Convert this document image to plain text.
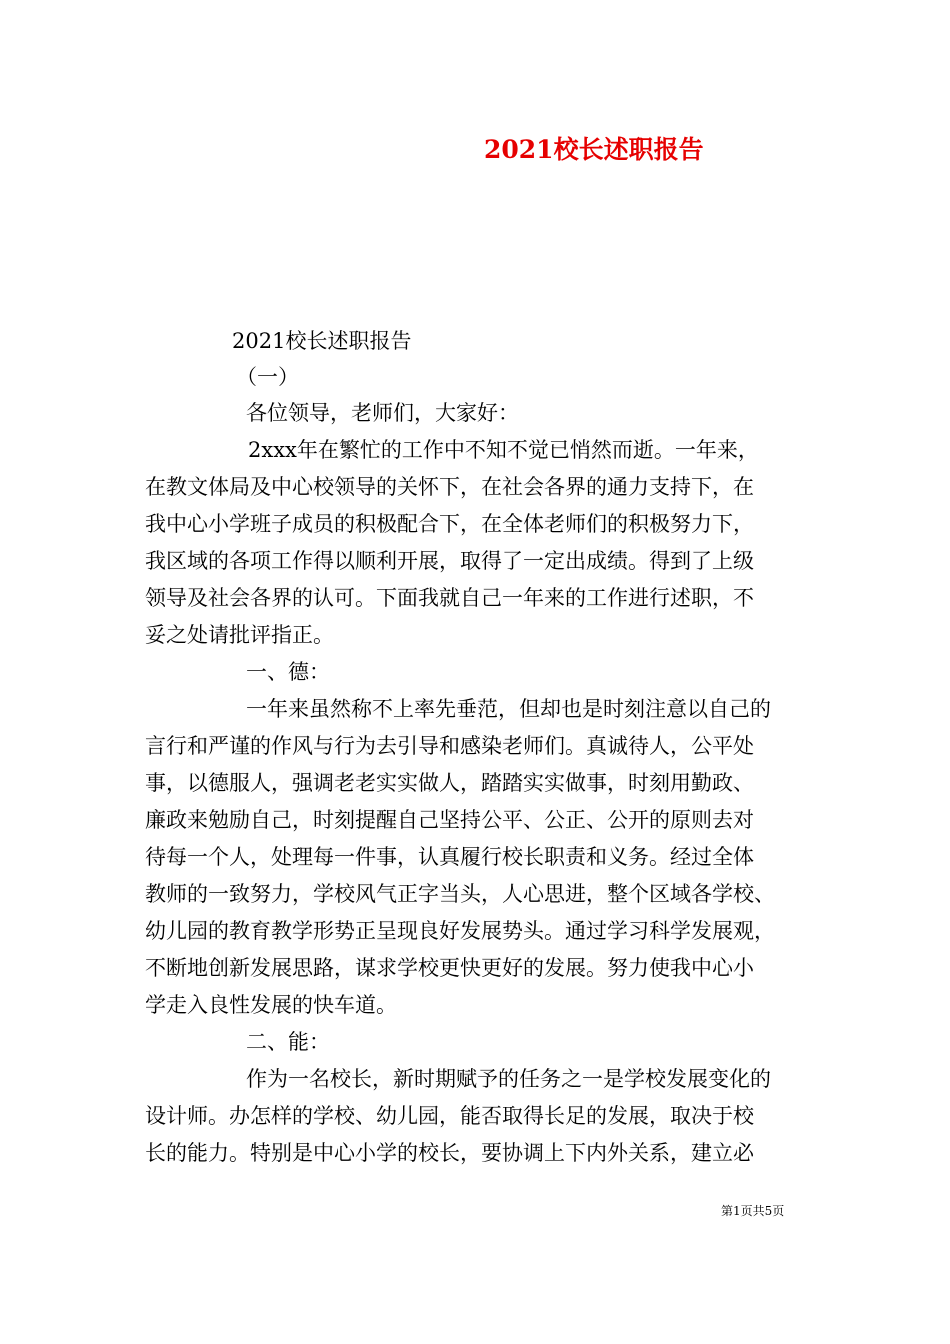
2021校长述职报告

2021校长述职报告

（一）

各位领导，老师们，大家好：

2xxx年在繁忙的工作中不知不觉已悄然而逝。一年来，

在教文体局及中心校领导的关怀下，在社会各界的通力支持下，在

我中心小学班子成员的积极配合下，在全体老师们的积极努力下，

我区域的各项工作得以顺利开展，取得了一定出成绩。得到了上级

领导及社会各界的认可。下面我就自己一年来的工作进行述职，不

妥之处请批评指正。

一、德：

一年来虽然称不上率先垂范，但却也是时刻注意以自己的

言行和严谨的作风与行为去引导和感染老师们。真诚待人，公平处

事，以德服人，强调老老实实做人，踏踏实实做事，时刻用勤政、

廉政来勉励自己，时刻提醒自己坚持公平、公正、公开的原则去对

待每一个人，处理每一件事，认真履行校长职责和义务。经过全体

教师的一致努力，学校风气正字当头，人心思进，整个区域各学校、

幼儿园的教育教学形势正呈现良好发展势头。通过学习科学发展观，

不断地创新发展思路，谋求学校更快更好的发展。努力使我中心小

学走入良性发展的快车道。

二、能：

作为一名校长，新时期赋予的任务之一是学校发展变化的

设计师。办怎样的学校、幼儿园，能否取得长足的发展，取决于校

长的能力。特别是中心小学的校长，要协调上下内外关系，建立必

第1页共5页
